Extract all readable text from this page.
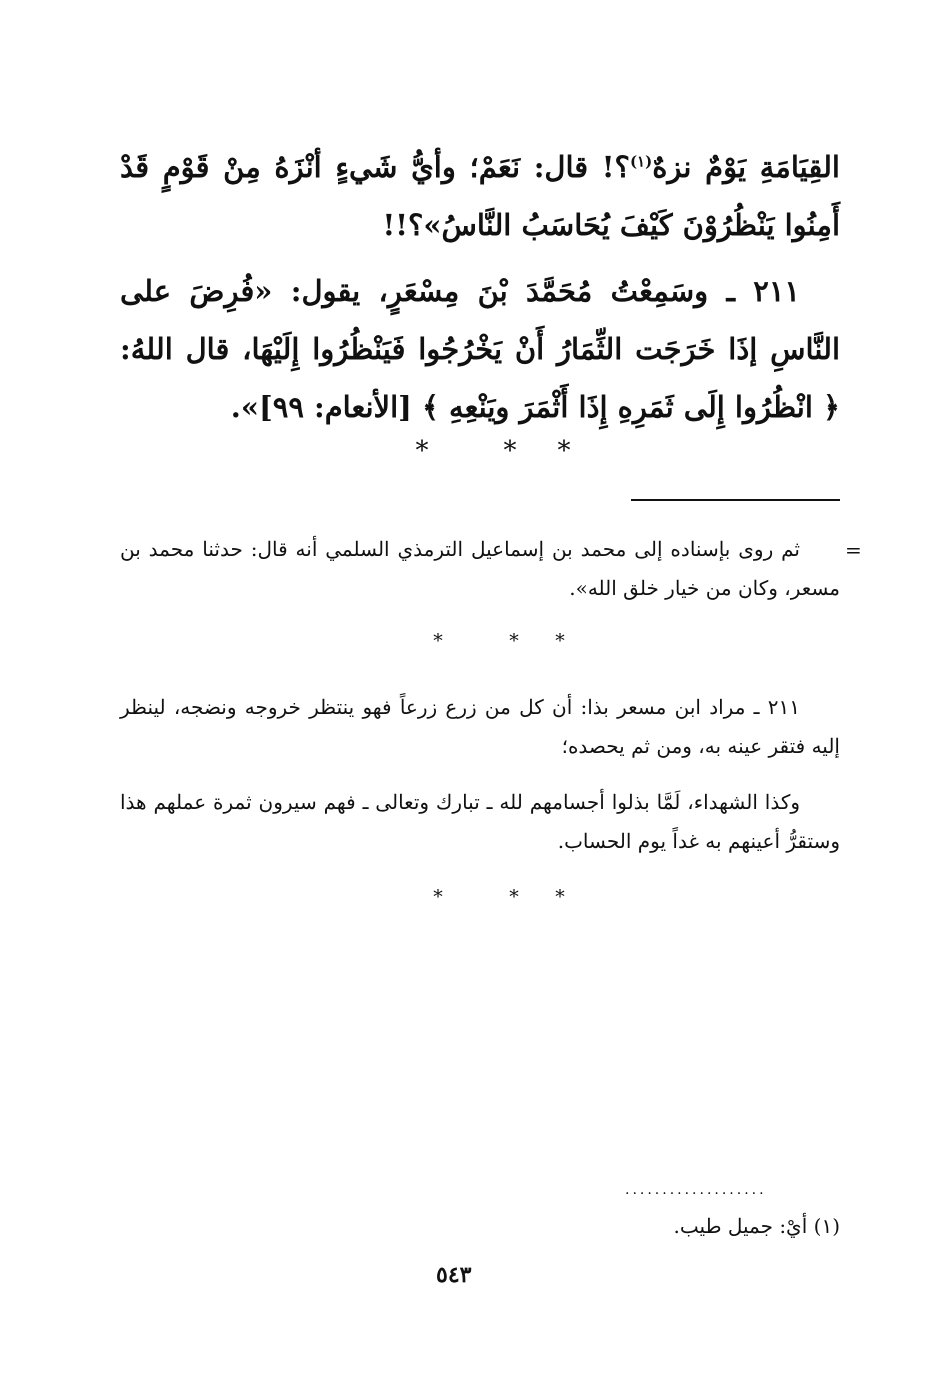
القِيَامَةِ يَوْمٌ نزهٌ$^{(١)}$؟! قال: نَعَمْ؛ وأيُّ شَيءٍ أنْزَهُ مِنْ قَوْمٍ قَدْ أَمِنُوا يَنْظُرُوْنَ كَيْفَ يُحَاسَبُ النَّاسُ»؟!!

٢١١ ـ وسَمِعْتُ مُحَمَّدَ بْنَ مِسْعَرٍ، يقول: «فُرِضَ على النَّاسِ إذَا خَرَجَت الثِّمَارُ أَنْ يَخْرُجُوا فَيَنْظُرُوا إِلَيْهَا، قال اللهُ: ﴿ انْظُرُوا إِلَى ثَمَرِهِ إِذَا أَثْمَرَ ويَنْعِهِ ﴾ [الأنعام: ٩٩]».

*	* *
=

ثم روى بإسناده إلى محمد بن إسماعيل الترمذي السلمي أنه قال: حدثنا محمد بن مسعر، وكان من خيار خلق الله».

*	* *

٢١١ ـ مراد ابن مسعر بذا: أن كل من زرع زرعاً فهو ينتظر خروجه ونضجه، لينظر إليه فتقر عينه به، ومن ثم يحصده؛

وكذا الشهداء، لَمَّا بذلوا أجسامهم لله ـ تبارك وتعالى ـ فهم سيرون ثمرة عملهم هذا وستقرُّ أعينهم به غداً يوم الحساب.

*	* *
...................

(١) أيْ: جميل طيب.

٥٤٣
